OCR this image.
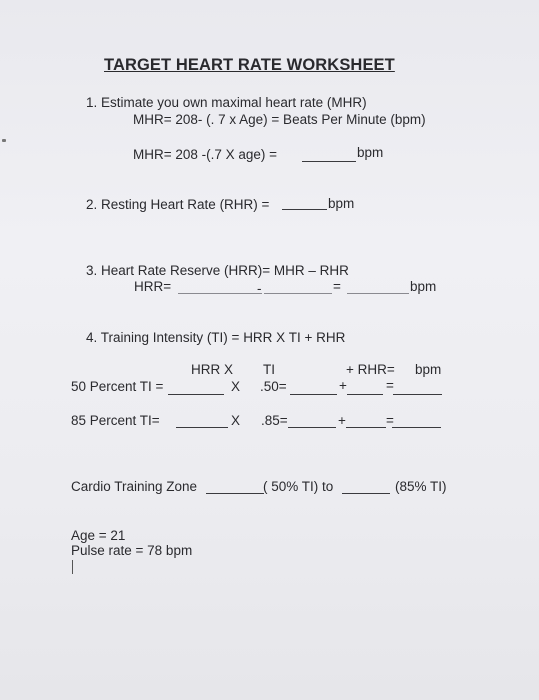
TARGET HEART RATE WORKSHEET
1. Estimate you own maximal heart rate (MHR)
MHR= 208- (. 7 x Age) = Beats Per Minute (bpm)
MHR= 208 -(.7 X age) =	bpm
2. Resting Heart Rate (RHR) =	bpm
3. Heart Rate Reserve (HRR)= MHR – RHR
HRR=	-	=	bpm
4. Training Intensity (TI) = HRR X TI + RHR
HRR X TI	+ RHR= bpm
50 Percent TI =	X .50=	+	=
85 Percent TI=	X .85=	+	=
Cardio Training Zone	( 50% TI) to	(85% TI)
Age = 21
Pulse rate = 78 bpm
